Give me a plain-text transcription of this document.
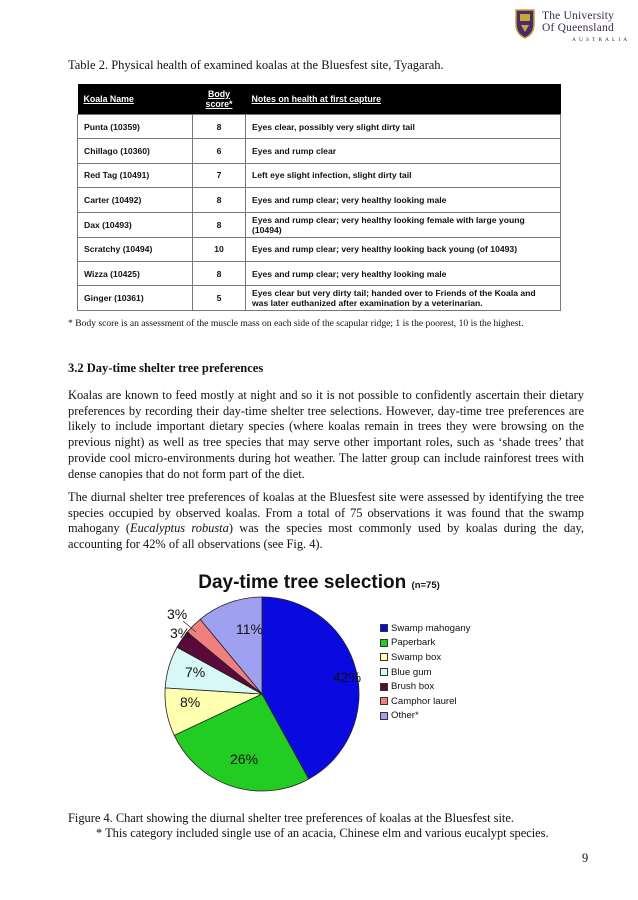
The University
Of Queensland
AUSTRALIA
Table 2. Physical health of examined koalas at the Bluesfest site, Tyagarah.
Koala Name	Body score*	Notes on health at first capture
Punta (10359)	8	Eyes clear, possibly very slight dirty tail
Chillago (10360)	6	Eyes and rump clear
Red Tag (10491)	7	Left eye slight infection, slight dirty tail
Carter (10492)	8	Eyes and rump clear; very healthy looking male
Dax (10493)	8	Eyes and rump clear; very healthy looking female with large young (10494)
Scratchy (10494)	10	Eyes and rump clear; very healthy looking back young (of 10493)
Wizza (10425)	8	Eyes and rump clear; very healthy looking male
Ginger (10361)	5	Eyes clear but very dirty tail; handed over to Friends of the Koala and was later euthanized after examination by a veterinarian.
* Body score is an assessment of the muscle mass on each side of the scapular ridge; 1 is the poorest, 10 is the highest.
3.2 Day-time shelter tree preferences
Koalas are known to feed mostly at night and so it is not possible to confidently ascertain their dietary preferences by recording their day-time shelter tree selections. However, day-time tree preferences are likely to include important dietary species (where koalas remain in trees they were browsing on the previous night) as well as tree species that may serve other important roles, such as ‘shade trees’ that provide cool micro-environments during hot weather. The latter group can include rainforest trees with dense canopies that do not form part of the diet.
The diurnal shelter tree preferences of koalas at the Bluesfest site were assessed by identifying the tree species occupied by observed koalas. From a total of 75 observations it was found that the swamp mahogany (Eucalyptus robusta) was the species most commonly used by koalas during the day, accounting for 42% of all observations (see Fig. 4).
Day-time tree selection (n=75)
42%
26%
8%
7%
3%
3%
11%	Swamp mahogany
Paperbark
Swamp box
Blue gum
Brush box
Camphor laurel
Other*
Figure 4. Chart showing the diurnal shelter tree preferences of koalas at the Bluesfest site.
* This category included single use of an acacia, Chinese elm and various eucalypt species.
9
